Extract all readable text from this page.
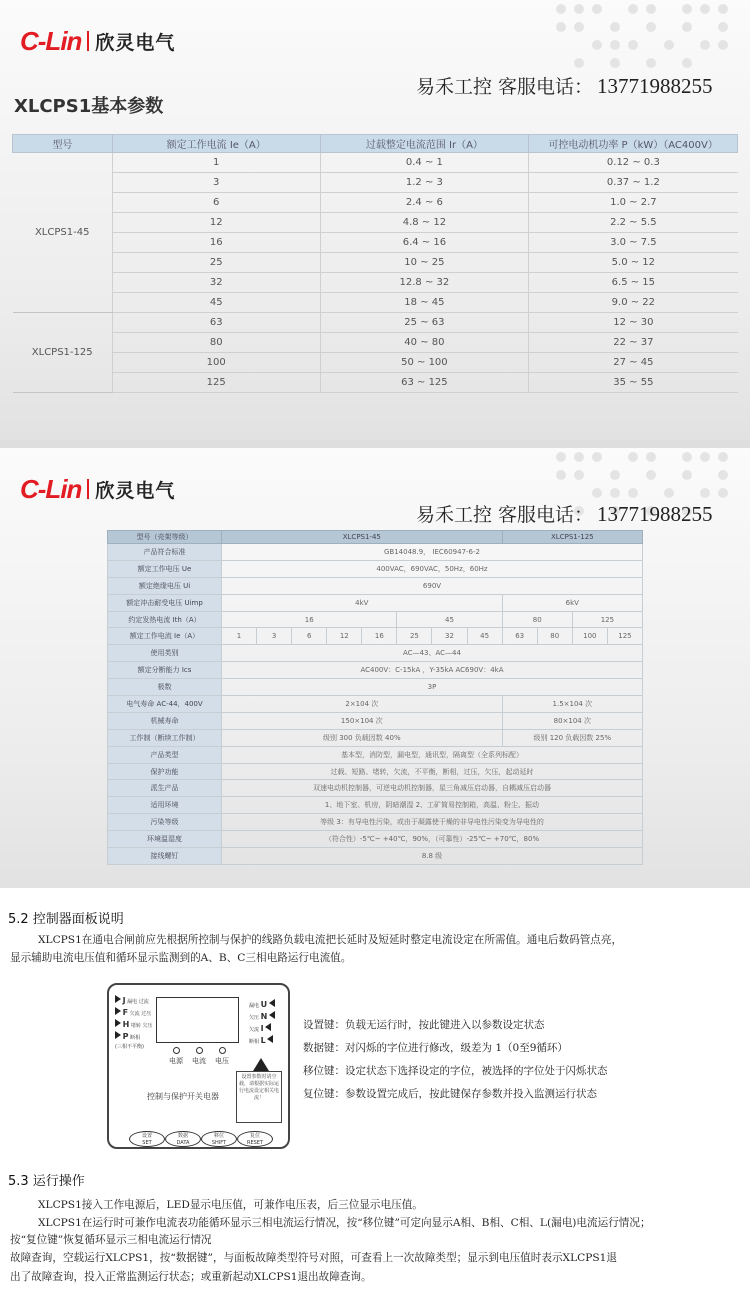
C-Lin 欣灵电气
易禾工控 客服电话： 13771988255
XLCPS1基本参数
型号	额定工作电流 Ie（A）	过载整定电流范围 Ir（A）	可控电动机功率 P（kW）（AC400V）
XLCPS1-45	1	0.4 ~ 1	0.12 ~ 0.3
	3	1.2 ~ 3	0.37 ~ 1.2
	6	2.4 ~ 6	1.0 ~ 2.7
	12	4.8 ~ 12	2.2 ~ 5.5
	16	6.4 ~ 16	3.0 ~ 7.5
	25	10 ~ 25	5.0 ~ 12
	32	12.8 ~ 32	6.5 ~ 15
	45	18 ~ 45	9.0 ~ 22
XLCPS1-125	63	25 ~ 63	12 ~ 30
	80	40 ~ 80	22 ~ 37
	100	50 ~ 100	27 ~ 45
	125	63 ~ 125	35 ~ 55
C-Lin 欣灵电气
易禾工控 客服电话： 13771988255
型号（壳架等级）	XLCPS1-45								XLCPS1-125			
产品符合标准	GB14048.9， IEC60947-6-2											
额定工作电压 Ue	400VAC，690VAC，50Hz，60Hz											
额定绝缘电压 Ui	690V											
额定冲击耐受电压 Uimp	4kV								6kV			
约定发热电流 Ith（A）	16					45			80		125	
额定工作电流 Ie（A）	1	3	6	12	16	25	32	45	63	80	100	125
使用类别	AC—43、AC—44											
额定分断能力 Ics	AC400V：C-15kA ，Y-35kA AC690V：4kA											
极数	3P											
电气寿命 AC-44，400V	2×104 次								1.5×104 次			
机械寿命	150×104 次								80×104 次			
工作制（断续工作制）	级别 300 负载因数 40%								级别 120 负载因数 25%			
产品类型	基本型，消防型，漏电型，通讯型，隔离型（全系列标配）											
保护功能	过载、短路、堵转，欠流，不平衡，断相，过压，欠压，起动延时											
派生产品	双速电动机控制器，可逆电动机控制器，星三角减压启动器，自耦减压启动器											
适用环境	1、地下室、机房，阴暗潮湿 2、工矿简易控制箱，高温、粉尘、振动											
污染等级	等级 3：有导电性污染，或由于凝露使干燥的非导电性污染变为导电性的											
环境温湿度	（符合性）-5℃~ +40℃，90%，（可靠性）-25℃~ +70℃，80%											
接线螺钉	8.8 级											
5.2 控制器面板说明
XLCPS1在通电合闸前应先根据所控制与保护的线路负载电流把长延时及短延时整定电流设定在所需值。通电后数码管点亮，
显示辅助电流电压值和循环显示监测到的A、B、C三相电路运行电流值。
J 漏电 过流
F 欠流 过压
H 堵转 欠压
P 断相
(三相不平衡)
漏电 U
欠压 N
欠流 I
断相 L
电源 电流 电压
控制与保护开关电器
设置参数时请空载，请根据实际运行电流设定相关电流！
设置
SET
数据
DATA
移位
SHIFT
复位
RESET
设置键：负载无运行时，按此键进入以参数设定状态
数据键：对闪烁的字位进行修改，级差为 1（0至9循环）
移位键：设定状态下选择设定的字位，被选择的字位处于闪烁状态
复位键：参数设置完成后，按此键保存参数并投入监测运行状态
5.3 运行操作
XLCPS1接入工作电源后，LED显示电压值，可兼作电压表，后三位显示电压值。
XLCPS1在运行时可兼作电流表功能循环显示三相电流运行情况，按“移位键”可定向显示A相、B相、C相、L(漏电)电流运行情况；
按“复位键”恢复循环显示三相电流运行情况
故障查询，空载运行XLCPS1，按“数据键”，与面板故障类型符号对照，可查看上一次故障类型；显示到电压值时表示XLCPS1退
出了故障查询，投入正常监测运行状态；或重新起动XLCPS1退出故障查询。
